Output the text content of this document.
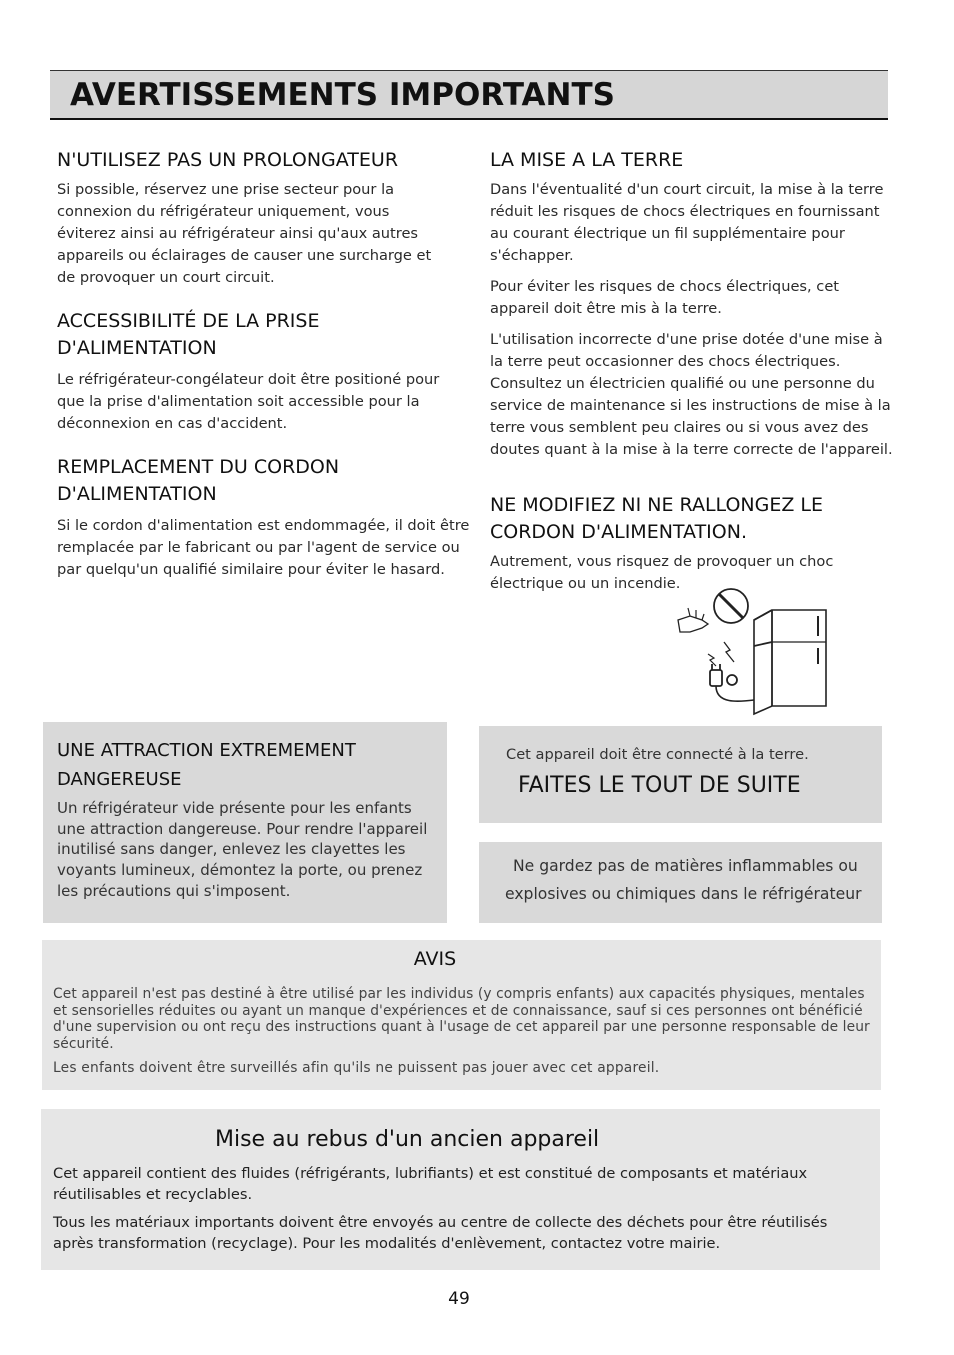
AVERTISSEMENTS IMPORTANTS
N'UTILISEZ PAS UN PROLONGATEUR

Si possible, réservez une prise secteur pour la connexion du réfrigérateur uniquement, vous éviterez ainsi au réfrigérateur ainsi qu'aux autres appareils ou éclairages de causer une surcharge et de provoquer un court circuit.

ACCESSIBILITÉ DE LA PRISE D'ALIMENTATION

Le réfrigérateur-congélateur doit être positioné pour que la prise d'alimentation soit accessible pour la déconnexion en cas d'accident.

REMPLACEMENT DU CORDON D'ALIMENTATION

Si le cordon d'alimentation est endommagée, il doit être remplacée par le fabricant ou par l'agent de service ou par quelqu'un qualifié similaire pour éviter le hasard.

LA MISE A LA TERRE

Dans l'éventualité d'un court circuit, la mise à la terre réduit les risques de chocs électriques en fournissant au courant électrique un fil supplémentaire pour s'échapper.

Pour éviter les risques de chocs électriques, cet appareil doit être mis à la terre.

L'utilisation incorrecte d'une prise dotée d'une mise à la terre peut occasionner des chocs électriques. Consultez un électricien qualifié ou une personne du service de maintenance si les instructions de mise à la terre vous semblent peu claires ou si vous avez des doutes quant à la mise à la terre correcte de l'appareil.

NE MODIFIEZ NI NE RALLONGEZ LE CORDON D'ALIMENTATION.

Autrement, vous risquez de provoquer un choc électrique ou un incendie.

UNE ATTRACTION EXTREMEMENT DANGEREUSE

Un réfrigérateur vide présente pour les enfants une attraction dangereuse. Pour rendre l'appareil inutilisé sans danger, enlevez les clayettes les voyants lumineux, démontez la porte, ou prenez les précautions qui s'imposent.

Cet appareil doit être connecté à la terre.

FAITES LE TOUT DE SUITE

Ne gardez pas de matières inflammables ou explosives ou chimiques dans le réfrigérateur

AVIS

Cet appareil n'est pas destiné à être utilisé par les individus (y compris enfants) aux capacités physiques, mentales et sensorielles réduites ou ayant un manque d'expériences et de connaissance, sauf si ces personnes ont bénéficié d'une supervision ou ont reçu des instructions quant à l'usage de cet appareil par une personne responsable de leur sécurité.

Les enfants doivent être surveillés afin qu'ils ne puissent pas jouer avec cet appareil.

Mise au rebus d'un ancien appareil

Cet appareil contient des fluides (réfrigérants, lubrifiants) et est constitué de composants et matériaux réutilisables et recyclables.

Tous les matériaux importants doivent être envoyés au centre de collecte des déchets pour être réutilisés après transformation (recyclage). Pour les modalités d'enlèvement, contactez votre mairie.

49
